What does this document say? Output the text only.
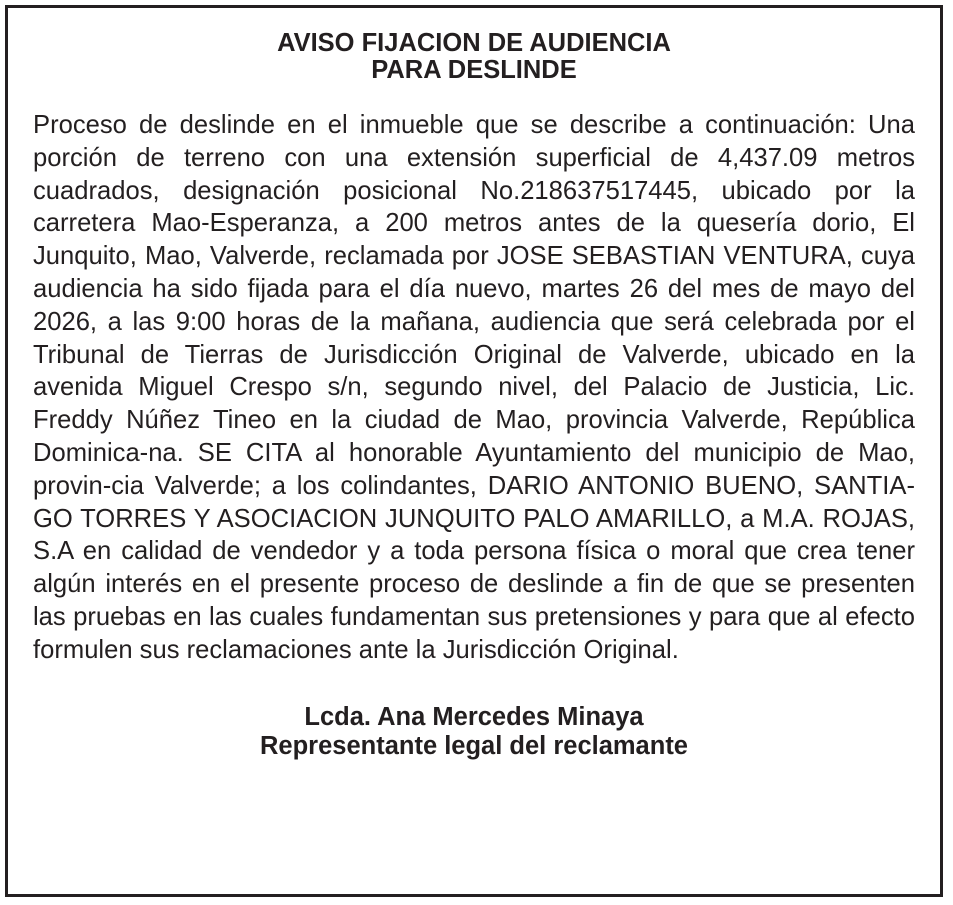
AVISO FIJACION DE AUDIENCIA
PARA DESLINDE

Proceso de deslinde en el inmueble que se describe a continuación: Una porción de terreno con una extensión superficial de 4,437.09 metros cuadrados, designación posicional No.218637517445, ubicado por la carretera Mao-Esperanza, a 200 metros antes de la quesería dorio, El Junquito, Mao, Valverde, reclamada por JOSE SEBASTIAN VENTURA, cuya audiencia ha sido fijada para el día nuevo, martes 26 del mes de mayo del 2026, a las 9:00 horas de la mañana, audiencia que será celebrada por el Tribunal de Tierras de Jurisdicción Original de Valverde, ubicado en la avenida Miguel Crespo s/n, segundo nivel, del Palacio de Justicia, Lic. Freddy Núñez Tineo en la ciudad de Mao, provincia Valverde, República Dominica-na. SE CITA al honorable Ayuntamiento del municipio de Mao, provin-cia Valverde; a los colindantes, DARIO ANTONIO BUENO, SANTIA-GO TORRES Y ASOCIACION JUNQUITO PALO AMARILLO, a M.A. ROJAS, S.A en calidad de vendedor y a toda persona física o moral que crea tener algún interés en el presente proceso de deslinde a fin de que se presenten las pruebas en las cuales fundamentan sus pretensiones y para que al efecto formulen sus reclamaciones ante la Jurisdicción Original.

Lcda. Ana Mercedes Minaya
Representante legal del reclamante
